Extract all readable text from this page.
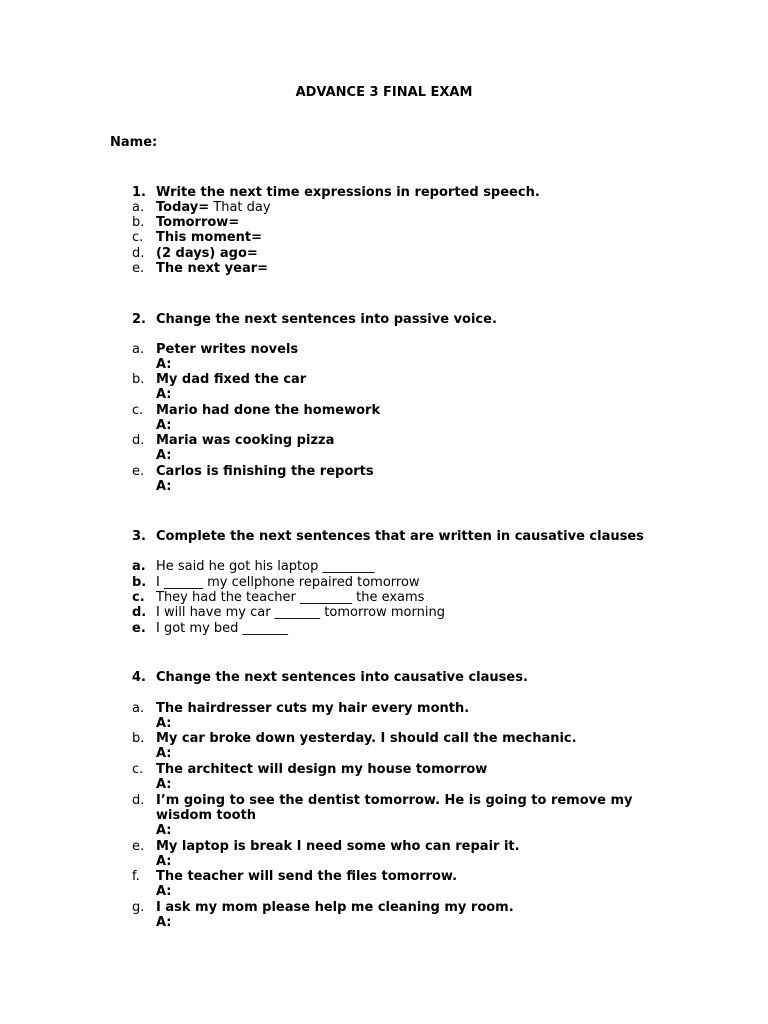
ADVANCE 3 FINAL EXAM
Name:
1. Write the next time expressions in reported speech.
a. Today= That day
b. Tomorrow=
c. This moment=
d. (2 days) ago=
e. The next year=
2. Change the next sentences into passive voice.
a. Peter writes novels
A:
b. My dad fixed the car
A:
c. Mario had done the homework
A:
d. Maria was cooking pizza
A:
e. Carlos is finishing the reports
A:
3. Complete the next sentences that are written in causative clauses
a. He said he got his laptop ________
b. I ______ my cellphone repaired tomorrow
c. They had the teacher ________ the exams
d. I will have my car _______ tomorrow morning
e. I got my bed _______
4. Change the next sentences into causative clauses.
a. The hairdresser cuts my hair every month.
A:
b. My car broke down yesterday. I should call the mechanic.
A:
c. The architect will design my house tomorrow
A:
d. I’m going to see the dentist tomorrow. He is going to remove my
wisdom tooth
A:
e. My laptop is break I need some who can repair it.
A:
f. The teacher will send the files tomorrow.
A:
g. I ask my mom please help me cleaning my room.
A:
